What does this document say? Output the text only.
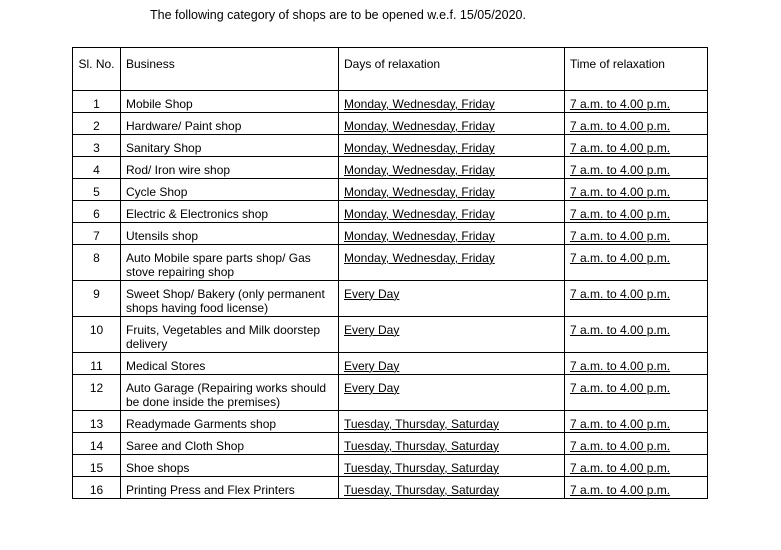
The following category of shops are to be opened w.e.f. 15/05/2020.
Sl. No.	Business	Days of relaxation	Time of relaxation
1	Mobile Shop	Monday, Wednesday, Friday	7 a.m. to 4.00 p.m.
2	Hardware/ Paint shop	Monday, Wednesday, Friday	7 a.m. to 4.00 p.m.
3	Sanitary Shop	Monday, Wednesday, Friday	7 a.m. to 4.00 p.m.
4	Rod/ Iron wire shop	Monday, Wednesday, Friday	7 a.m. to 4.00 p.m.
5	Cycle Shop	Monday, Wednesday, Friday	7 a.m. to 4.00 p.m.
6	Electric & Electronics shop	Monday, Wednesday, Friday	7 a.m. to 4.00 p.m.
7	Utensils shop	Monday, Wednesday, Friday	7 a.m. to 4.00 p.m.
8	Auto Mobile spare parts shop/ Gas stove repairing shop	Monday, Wednesday, Friday	7 a.m. to 4.00 p.m.
9	Sweet Shop/ Bakery (only permanent shops having food license)	Every Day	7 a.m. to 4.00 p.m.
10	Fruits, Vegetables and Milk doorstep delivery	Every Day	7 a.m. to 4.00 p.m.
11	Medical Stores	Every Day	7 a.m. to 4.00 p.m.
12	Auto Garage (Repairing works should be done inside the premises)	Every Day	7 a.m. to 4.00 p.m.
13	Readymade Garments shop	Tuesday, Thursday, Saturday	7 a.m. to 4.00 p.m.
14	Saree and Cloth Shop	Tuesday, Thursday, Saturday	7 a.m. to 4.00 p.m.
15	Shoe shops	Tuesday, Thursday, Saturday	7 a.m. to 4.00 p.m.
16	Printing Press and Flex Printers	Tuesday, Thursday, Saturday	7 a.m. to 4.00 p.m.
